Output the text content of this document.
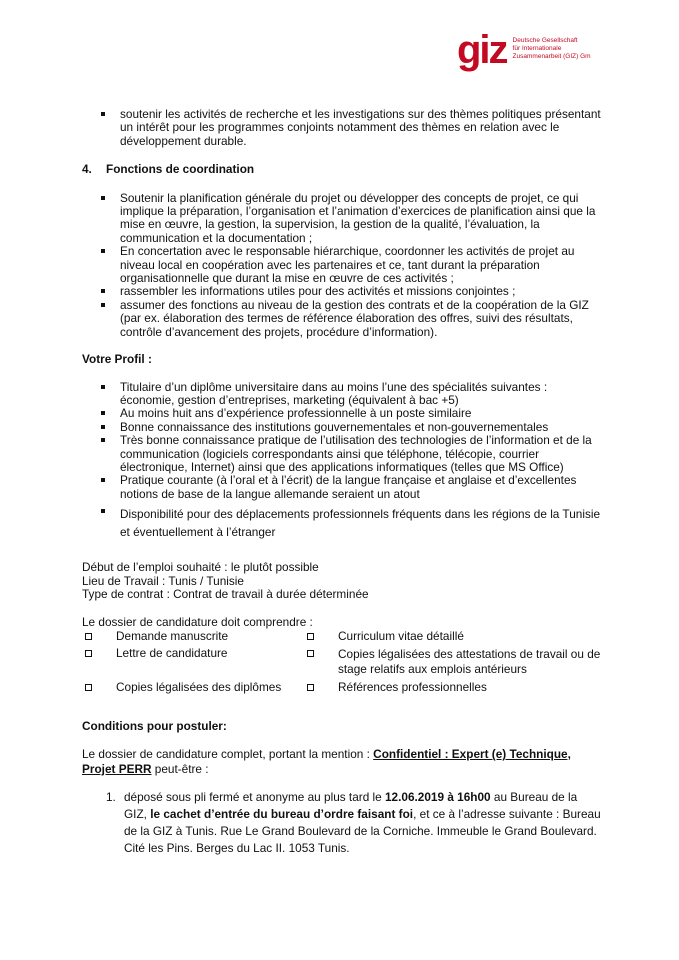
giz Deutsche Gesellschaft
für Internationale
Zusammenarbeit (GIZ) Gm
soutenir les activités de recherche et les investigations sur des thèmes politiques présentant un intérêt pour les programmes conjoints notamment des thèmes en relation avec le développement durable.
4. Fonctions de coordination
Soutenir la planification générale du projet ou développer des concepts de projet, ce qui implique la préparation, l’organisation et l’animation d’exercices de planification ainsi que la mise en œuvre, la gestion, la supervision, la gestion de la qualité, l’évaluation, la communication et la documentation ;
En concertation avec le responsable hiérarchique, coordonner les activités de projet au niveau local en coopération avec les partenaires et ce, tant durant la préparation organisationnelle que durant la mise en œuvre de ces activités ;
rassembler les informations utiles pour des activités et missions conjointes ;
assumer des fonctions au niveau de la gestion des contrats et de la coopération de la GIZ (par ex. élaboration des termes de référence élaboration des offres, suivi des résultats, contrôle d’avancement des projets, procédure d’information).
Votre Profil :
Titulaire d’un diplôme universitaire dans au moins l’une des spécialités suivantes : économie, gestion d’entreprises, marketing (équivalent à bac +5)
Au moins huit ans d’expérience professionnelle à un poste similaire
Bonne connaissance des institutions gouvernementales et non-gouvernementales
Très bonne connaissance pratique de l’utilisation des technologies de l’information et de la communication (logiciels correspondants ainsi que téléphone, télécopie, courrier électronique, Internet) ainsi que des applications informatiques (telles que MS Office)
Pratique courante (à l’oral et à l’écrit) de la langue française et anglaise et d’excellentes notions de base de la langue allemande seraient un atout
Disponibilité pour des déplacements professionnels fréquents dans les régions de la Tunisie et éventuellement à l’étranger
Début de l’emploi souhaité : le plutôt possible
Lieu de Travail : Tunis / Tunisie
Type de contrat : Contrat de travail à durée déterminée
Le dossier de candidature doit comprendre :
Demande manuscrite	Curriculum vitae détaillé
Lettre de candidature	Copies légalisées des attestations de travail ou de stage relatifs aux emplois antérieurs
Copies légalisées des diplômes	Références professionnelles
Conditions pour postuler:
Le dossier de candidature complet, portant la mention : Confidentiel : Expert (e) Technique, Projet PERR peut-être :
1. déposé sous pli fermé et anonyme au plus tard le 12.06.2019 à 16h00 au Bureau de la GIZ, le cachet d’entrée du bureau d’ordre faisant foi, et ce à l’adresse suivante : Bureau de la GIZ à Tunis. Rue Le Grand Boulevard de la Corniche. Immeuble le Grand Boulevard. Cité les Pins. Berges du Lac II. 1053 Tunis.
